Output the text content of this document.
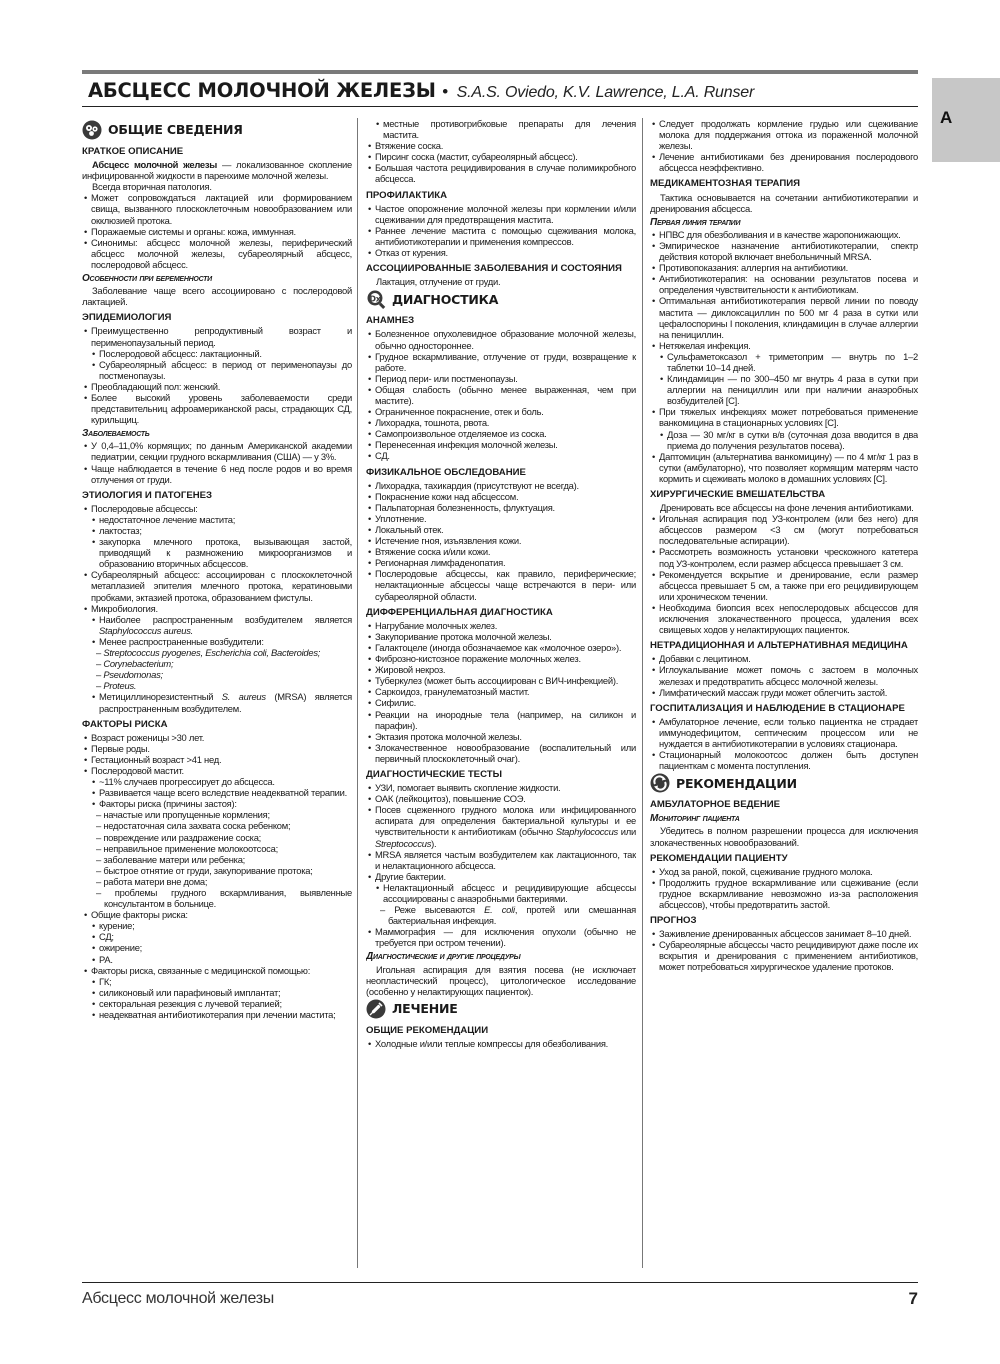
АБСЦЕСС МОЛОЧНОЙ ЖЕЛЕЗЫ • S.A.S. Oviedo, K.V. Lawrence, L.A. Runser
А
ОБЩИЕ СВЕДЕНИЯ
КРАТКОЕ ОПИСАНИЕ
Абсцесс молочной железы — локализованное скопление инфицированной жидкости в паренхиме молочной железы.
Всегда вторичная патология.
• Может сопровождаться лактацией или формированием свища, вызванного плоскоклеточным новообразованием или окклюзией протока.
• Поражаемые системы и органы: кожа, иммунная.
• Синонимы: абсцесс молочной железы, периферический абсцесс молочной железы, субареолярный абсцесс, послеродовой абсцесс.
Особенности при беременности
Заболевание чаще всего ассоциировано с послеродовой лактацией.
ЭПИДЕМИОЛОГИЯ
• Преимущественно репродуктивный возраст и перименопаузальный период.
• Послеродовой абсцесс: лактационный.
• Субареолярный абсцесс: в период от перименопаузы до постменопаузы.
• Преобладающий пол: женский.
• Более высокий уровень заболеваемости среди представительниц афроамериканской расы, страдающих СД, курильщиц.
Заболеваемость
• У 0,4–11,0% кормящих; по данным Американской академии педиатрии, секции грудного вскармливания (США) — у 3%.
• Чаще наблюдается в течение 6 нед после родов и во время отлучения от груди.
ЭТИОЛОГИЯ И ПАТОГЕНЕЗ
• Послеродовые абсцессы:
• недостаточное лечение мастита;
• лактостаз;
• закупорка млечного протока, вызывающая застой, приводящий к размножению микроорганизмов и образованию вторичных абсцессов.
• Субареолярный абсцесс: ассоциирован с плоскоклеточной метаплазией эпителия млечного протока, кератиновыми пробками, эктазией протока, образованием фистулы.
• Микробиология.
• Наиболее распространенным возбудителем является Staphylococcus aureus.
• Менее распространенные возбудители:
– Streptococcus pyogenes, Escherichia coli, Bacteroides;
– Corynebacterium;
– Pseudomonas;
– Proteus.
• Метициллинорезистентный S. aureus (MRSA) является распространенным возбудителем.
ФАКТОРЫ РИСКА
• Возраст роженицы >30 лет.
• Первые роды.
• Гестационный возраст >41 нед.
• Послеродовой мастит.
• ~11% случаев прогрессирует до абсцесса.
• Развивается чаще всего вследствие неадекватной терапии.
• Факторы риска (причины застоя):
– начастые или пропущенные кормления;
– недостаточная сила захвата соска ребенком;
– повреждение или раздражение соска;
– неправильное применение молокоотсоса;
– заболевание матери или ребенка;
– быстрое отнятие от груди, закупоривание протока;
– работа матери вне дома;
– проблемы грудного вскармливания, выявленные консультантом в больнице.
• Общие факторы риска:
• курение;
• СД;
• ожирение;
• РА.
• Факторы риска, связанные с медицинской помощью:
• ГК;
• силиконовый или парафиновый имплантат;
• секторальная резекция с лучевой терапией;
• неадекватная антибиотикотерапия при лечении мастита;
• местные противогрибковые препараты для лечения мастита.
• Втяжение соска.
• Пирсинг соска (мастит, субареолярный абсцесс).
• Большая частота рецидивирования в случае полимикробного абсцесса.
ПРОФИЛАКТИКА
• Частое опорожнение молочной железы при кормлении и/или сцеживании для предотвращения мастита.
• Раннее лечение мастита с помощью сцеживания молока, антибиотикотерапии и применения компрессов.
• Отказ от курения.
АССОЦИИРОВАННЫЕ ЗАБОЛЕВАНИЯ И СОСТОЯНИЯ
Лактация, отлучение от груди.
Dx ДИАГНОСТИКА
АНАМНЕЗ
• Болезненное опухолевидное образование молочной железы, обычно одностороннее.
• Грудное вскармливание, отлучение от груди, возвращение к работе.
• Период пери- или постменопаузы.
• Общая слабость (обычно менее выраженная, чем при мастите).
• Ограниченное покраснение, отек и боль.
• Лихорадка, тошнота, рвота.
• Самопроизвольное отделяемое из соска.
• Перенесенная инфекция молочной железы.
• СД.
ФИЗИКАЛЬНОЕ ОБСЛЕДОВАНИЕ
• Лихорадка, тахикардия (присутствуют не всегда).
• Покраснение кожи над абсцессом.
• Пальпаторная болезненность, флуктуация.
• Уплотнение.
• Локальный отек.
• Истечение гноя, изъязвления кожи.
• Втяжение соска и/или кожи.
• Регионарная лимфаденопатия.
• Послеродовые абсцессы, как правило, периферические; нелактационные абсцессы чаще встречаются в пери- или субареолярной области.
ДИФФЕРЕНЦИАЛЬНАЯ ДИАГНОСТИКА
• Нагрубание молочных желез.
• Закупоривание протока молочной железы.
• Галактоцеле (иногда обозначаемое как «молочное озеро»).
• Фиброзно-кистозное поражение молочных желез.
• Жировой некроз.
• Туберкулез (может быть ассоциирован с ВИЧ-инфекцией).
• Саркоидоз, гранулематозный мастит.
• Сифилис.
• Реакции на инородные тела (например, на силикон и парафин).
• Эктазия протока молочной железы.
• Злокачественное новообразование (воспалительный или первичный плоскоклеточный очаг).
ДИАГНОСТИЧЕСКИЕ ТЕСТЫ
• УЗИ, помогает выявить скопление жидкости.
• ОАК (лейкоцитоз), повышение СОЭ.
• Посев сцеженного грудного молока или инфицированного аспирата для определения бактериальной культуры и ее чувствительности к антибиотикам (обычно Staphylococcus или Streptococcus).
• MRSA является частым возбудителем как лактационного, так и нелактационного абсцесса.
• Другие бактерии.
• Нелактационный абсцесс и рецидивирующие абсцессы ассоциированы с анаэробными бактериями.
– Реже высеваются E. coli, протей или смешанная бактериальная инфекция.
• Маммография — для исключения опухоли (обычно не требуется при остром течении).
Диагностические и другие процедуры
Игольная аспирация для взятия посева (не исключает неопластический процесс), цитологическое исследование (особенно у нелактирующих пациенток).
ЛЕЧЕНИЕ
ОБЩИЕ РЕКОМЕНДАЦИИ
• Холодные и/или теплые компрессы для обезболивания.
• Следует продолжать кормление грудью или сцеживание молока для поддержания оттока из пораженной молочной железы.
• Лечение антибиотиками без дренирования послеродового абсцесса неэффективно.
МЕДИКАМЕНТОЗНАЯ ТЕРАПИЯ
Тактика основывается на сочетании антибиотикотерапии и дренирования абсцесса.
Первая линия терапии
• НПВС для обезболивания и в качестве жаропонижающих.
• Эмпирическое назначение антибиотикотерапии, спектр действия которой включает внебольничный MRSA.
• Противопоказания: аллергия на антибиотики.
• Антибиотикотерапия: на основании результатов посева и определения чувствительности к антибиотикам.
• Оптимальная антибиотикотерапия первой линии по поводу мастита — диклоксациллин по 500 мг 4 раза в сутки или цефалоспорины I поколения, клиндамицин в случае аллергии на пенициллин.
• Нетяжелая инфекция.
• Сульфаметоксазол + триметоприм — внутрь по 1–2 таблетки 10–14 дней.
• Клиндамицин — по 300–450 мг внутрь 4 раза в сутки при аллергии на пенициллин или при наличии анаэробных возбудителей [С].
• При тяжелых инфекциях может потребоваться применение ванкомицина в стационарных условиях [С].
• Доза — 30 мг/кг в сутки в/в (суточная доза вводится в два приема до получения результатов посева).
• Даптомицин (альтернатива ванкомицину) — по 4 мг/кг 1 раз в сутки (амбулаторно), что позволяет кормящим матерям часто кормить и сцеживать молоко в домашних условиях [С].
ХИРУРГИЧЕСКИЕ ВМЕШАТЕЛЬСТВА
Дренировать все абсцессы на фоне лечения антибиотиками.
• Игольная аспирация под УЗ-контролем (или без него) для абсцессов размером <3 см (могут потребоваться последовательные аспирации).
• Рассмотреть возможность установки чрескожного катетера под УЗ-контролем, если размер абсцесса превышает 3 см.
• Рекомендуется вскрытие и дренирование, если размер абсцесса превышает 5 см, а также при его рецидивирующем или хроническом течении.
• Необходима биопсия всех непослеродовых абсцессов для исключения злокачественного процесса, удаления всех свищевых ходов у нелактирующих пациенток.
НЕТРАДИЦИОННАЯ И АЛЬТЕРНАТИВНАЯ МЕДИЦИНА
• Добавки с лецитином.
• Иглоукалывание может помочь с застоем в молочных железах и предотвратить абсцесс молочной железы.
• Лимфатический массаж груди может облегчить застой.
ГОСПИТАЛИЗАЦИЯ И НАБЛЮДЕНИЕ В СТАЦИОНАРЕ
• Амбулаторное лечение, если только пациентка не страдает иммунодефицитом, септическим процессом или не нуждается в антибиотикотерапии в условиях стационара.
• Стационарный молокоотсос должен быть доступен пациенткам с момента поступления.
РЕКОМЕНДАЦИИ
АМБУЛАТОРНОЕ ВЕДЕНИЕ
Мониторинг пациента
Убедитесь в полном разрешении процесса для исключения злокачественных новообразований.
РЕКОМЕНДАЦИИ ПАЦИЕНТУ
• Уход за раной, покой, сцеживание грудного молока.
• Продолжить грудное вскармливание или сцеживание (если грудное вскармливание невозможно из-за расположения абсцессов), чтобы предотвратить застой.
ПРОГНОЗ
• Заживление дренированных абсцессов занимает 8–10 дней.
• Субареолярные абсцессы часто рецидивируют даже после их вскрытия и дренирования с применением антибиотиков, может потребоваться хирургическое удаление протоков.
Абсцесс молочной железы	7
